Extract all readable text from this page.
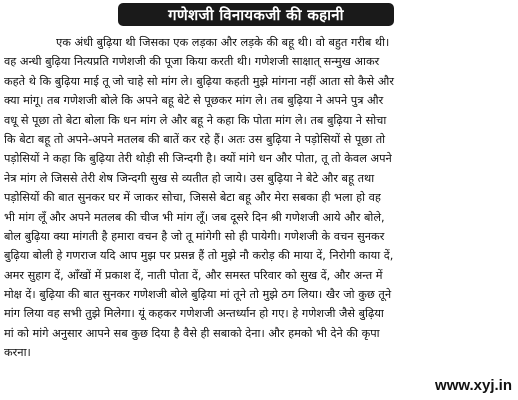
गणेशजी विनायकजी की कहानी
एक अंधी बुढ़िया थी जिसका एक लड़का और लड़के की बहू थी। वो बहुत गरीब थी।
वह अन्धी बुढ़िया नित्यप्रति गणेशजी की पूजा किया करती थी। गणेशजी साक्षात् सन्मुख आकर
कहते थे कि बुढ़िया माई तू जो चाहे सो मांग ले। बुढ़िया कहती मुझे मांगना नहीं आता सो कैसे और
क्या मांगू। तब गणेशजी बोले कि अपने बहू बेटे से पूछकर मांग ले। तब बुढ़िया ने अपने पुत्र और
वधू से पूछा तो बेटा बोला कि धन मांग ले और बहू ने कहा कि पोता मांग ले। तब बुढ़िया ने सोचा
कि बेटा बहू तो अपने-अपने मतलब की बातें कर रहे हैं। अतः उस बुढ़िया ने पड़ोसियों से पूछा तो
पड़ोसियों ने कहा कि बुढ़िया तेरी थोड़ी सी जिन्दगी है। क्यों मांगे धन और पोता, तू तो केवल अपने
नेत्र मांग ले जिससे तेरी शेष जिन्दगी सुख से व्यतीत हो जाये। उस बुढ़िया ने बेटे और बहू तथा
पड़ोसियों की बात सुनकर घर में जाकर सोचा, जिससे बेटा बहू और मेरा सबका ही भला हो वह
भी मांग लूँ और अपने मतलब की चीज भी मांग लूँ। जब दूसरे दिन श्री गणेशजी आये और बोले,
बोल बुढ़िया क्या मांगती है हमारा वचन है जो तू मांगेगी सो ही पायेगी। गणेशजी के वचन सुनकर
बुढ़िया बोली हे गणराज यदि आप मुझ पर प्रसन्न हैं तो मुझे नौ करोड़ की माया दें, निरोगी काया दें,
अमर सुहाग दें, आँखों में प्रकाश दें, नाती पोता दें, और समस्त परिवार को सुख दें, और अन्त में
मोक्ष दें। बुढ़िया की बात सुनकर गणेशजी बोले बुढ़िया मां तूने तो मुझे ठग लिया। खैर जो कुछ तूने
मांग लिया वह सभी तुझे मिलेगा। यूं कहकर गणेशजी अन्तर्ध्यान हो गए। हे गणेशजी जैसे बुढ़िया
मां को मांगे अनुसार आपने सब कुछ दिया है वैसे ही सबाको देना। और हमको भी देने की कृपा
करना।
www.xyj.in
